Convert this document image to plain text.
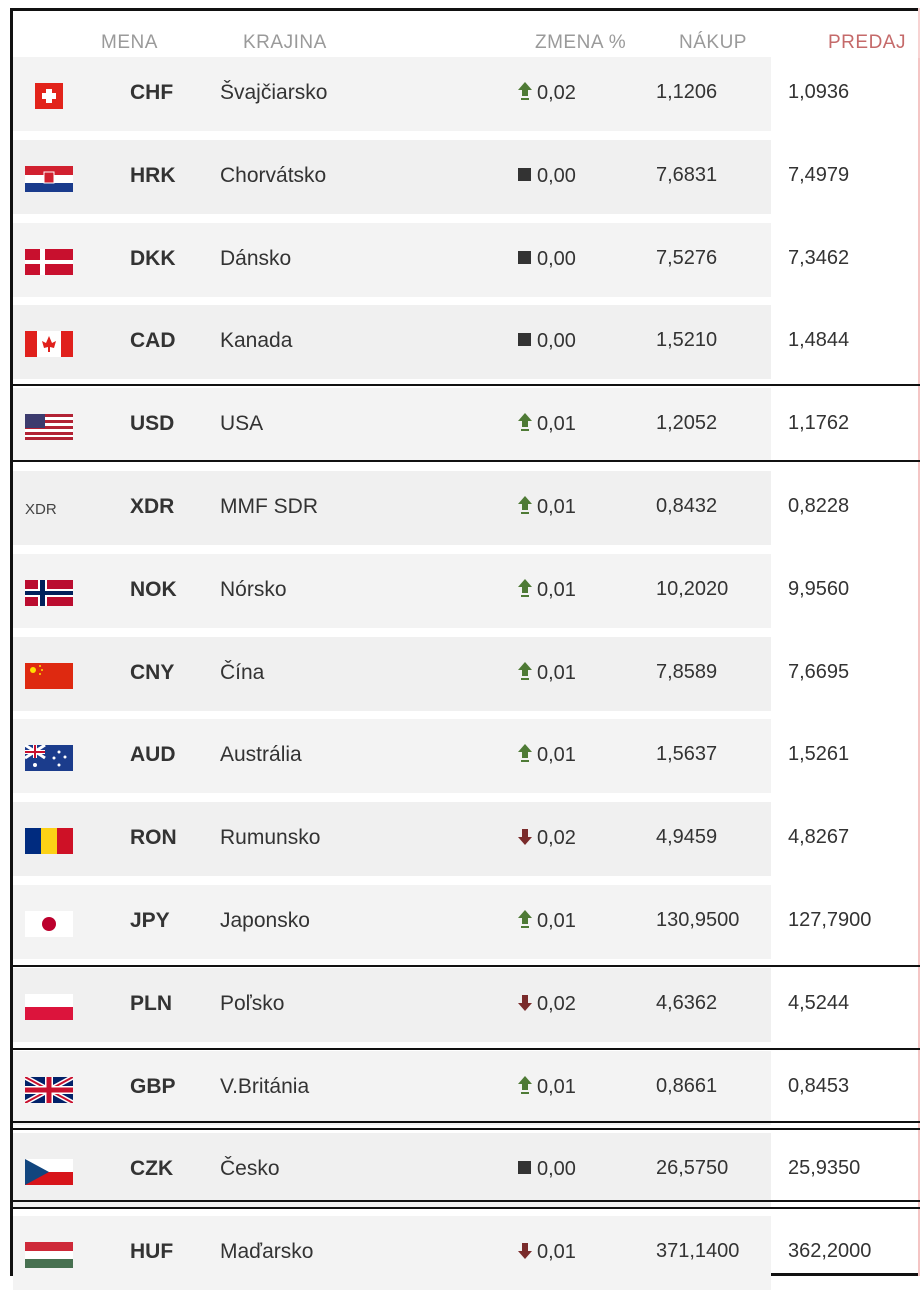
MENA	KRAJINA	ZMENA %	NÁKUP	PREDAJ
CHF Švajčiarsko	0,02	1,1206	1,0936
HRK Chorvátsko	0,00	7,6831	7,4979
DKK Dánsko	0,00	7,5276	7,3462
CAD Kanada	0,00	1,5210	1,4844
USD USA	0,01	1,2052	1,1762
XDR	XDR MMF SDR	0,01	0,8432	0,8228
NOK Nórsko	0,01	10,2020	9,9560
CNY Čína	0,01	7,8589	7,6695
AUD Austrália	0,01	1,5637	1,5261
RON Rumunsko	0,02	4,9459	4,8267
JPY Japonsko	0,01	130,9500 127,7900
PLN Poľsko	0,02	4,6362	4,5244
GBP V.Británia	0,01	0,8661	0,8453
CZK Česko	0,00	26,5750	25,9350
HUF Maďarsko	0,01	371,1400 362,2000
